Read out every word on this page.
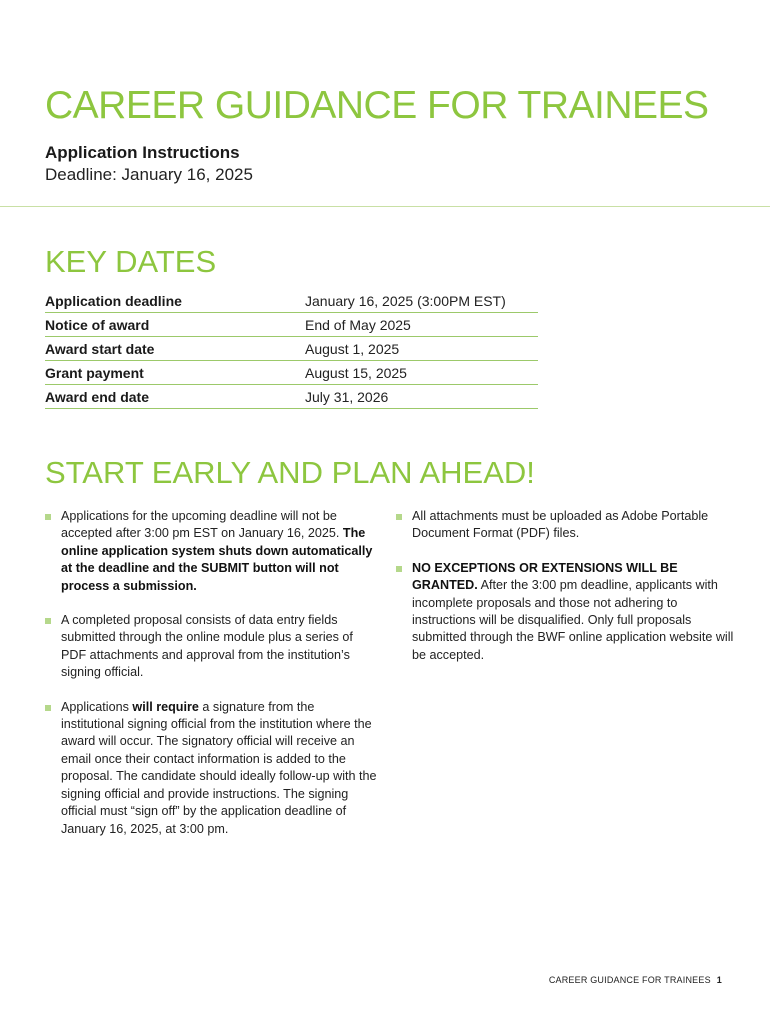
CAREER GUIDANCE FOR TRAINEES
Application Instructions
Deadline: January 16, 2025
KEY DATES
Application deadline	January 16, 2025 (3:00PM EST)
Notice of award	End of May 2025
Award start date	August 1, 2025
Grant payment	August 15, 2025
Award end date	July 31, 2026
START EARLY AND PLAN AHEAD!
Applications for the upcoming deadline will not be accepted after 3:00 pm EST on January 16, 2025. The online application system shuts down automatically at the deadline and the SUBMIT button will not process a submission.
A completed proposal consists of data entry fields submitted through the online module plus a series of PDF attachments and approval from the institution’s signing official.
Applications will require a signature from the institutional signing official from the institution where the award will occur. The signatory official will receive an email once their contact information is added to the proposal. The candidate should ideally follow-up with the signing official and provide instructions. The signing official must “sign off” by the application deadline of January 16, 2025, at 3:00 pm.
All attachments must be uploaded as Adobe Portable Document Format (PDF) files.
NO EXCEPTIONS OR EXTENSIONS WILL BE GRANTED. After the 3:00 pm deadline, applicants with incomplete proposals and those not adhering to instructions will be disqualified. Only full proposals submitted through the BWF online application website will be accepted.
CAREER GUIDANCE FOR TRAINEES 1
